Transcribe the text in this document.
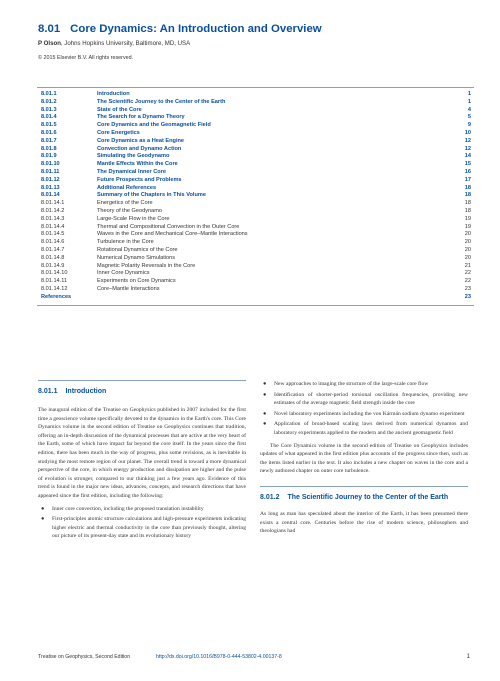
8.01 Core Dynamics: An Introduction and Overview
P Olson, Johns Hopkins University, Baltimore, MD, USA
© 2015 Elsevier B.V. All rights reserved.
8.01.1	Introduction	1
8.01.2	The Scientific Journey to the Center of the Earth	1
8.01.3	State of the Core	4
8.01.4	The Search for a Dynamo Theory	5
8.01.5	Core Dynamics and the Geomagnetic Field	9
8.01.6	Core Energetics	10
8.01.7	Core Dynamics as a Heat Engine	12
8.01.8	Convection and Dynamo Action	12
8.01.9	Simulating the Geodynamo	14
8.01.10	Mantle Effects Within the Core	15
8.01.11	The Dynamical Inner Core	16
8.01.12	Future Prospects and Problems	17
8.01.13	Additional References	18
8.01.14	Summary of the Chapters in This Volume	18
8.01.14.1	Energetics of the Core	18
8.01.14.2	Theory of the Geodynamo	18
8.01.14.3	Large-Scale Flow in the Core	19
8.01.14.4	Thermal and Compositional Convection in the Outer Core	19
8.01.14.5	Waves in the Core and Mechanical Core–Mantle Interactions	20
8.01.14.6	Turbulence in the Core	20
8.01.14.7	Rotational Dynamics of the Core	20
8.01.14.8	Numerical Dynamo Simulations	20
8.01.14.9	Magnetic Polarity Reversals in the Core	21
8.01.14.10	Inner Core Dynamics	22
8.01.14.11	Experiments on Core Dynamics	22
8.01.14.12	Core–Mantle Interactions	23
References	23
8.01.1 Introduction

The inaugural edition of the Treatise on Geophysics published in 2007 included for the first time a geoscience volume specifically devoted to the dynamics in the Earth's core. This Core Dynamics volume in the second edition of Treatise on Geophysics continues that tradition, offering an in-depth discussion of the dynamical processes that are active at the very heart of the Earth, some of which have impact far beyond the core itself. In the years since the first edition, there has been much in the way of progress, plus some revisions, as is inevitable in studying the most remote region of our planet. The overall trend is toward a more dynamical perspective of the core, in which energy production and dissipation are higher and the pulse of evolution is stronger, compared to our thinking just a few years ago. Evidence of this trend is found in the major new ideas, advances, concepts, and research directions that have appeared since the first edition, including the following:

● Inner core convection, including the proposed translation instability
● First-principles atomic structure calculations and high-pressure experiments indicating higher electric and thermal conductivity in the core than previously thought, altering our picture of its present-day state and its evolutionary history
● New approaches to imaging the structure of the large-scale core flow
● Identification of shorter-period torsional oscillation frequencies, providing new estimates of the average magnetic field strength inside the core
● Novel laboratory experiments including the von Kármán sodium dynamo experiment
● Application of broad-based scaling laws derived from numerical dynamos and laboratory experiments applied to the modern and the ancient geomagnetic field

The Core Dynamics volume in the second edition of Treatise on Geophysics includes updates of what appeared in the first edition plus accounts of the progress since then, such as the items listed earlier in the text. It also includes a new chapter on waves in the core and a newly authored chapter on outer core turbulence.

8.01.2 The Scientific Journey to the Center of the Earth

As long as man has speculated about the interior of the Earth, it has been presumed there exists a central core. Centuries before the rise of modern science, philosophers and theologians had

Treatise on Geophysics, Second Edition	http://dx.doi.org/10.1016/B978-0-444-53802-4.00137-8	1
